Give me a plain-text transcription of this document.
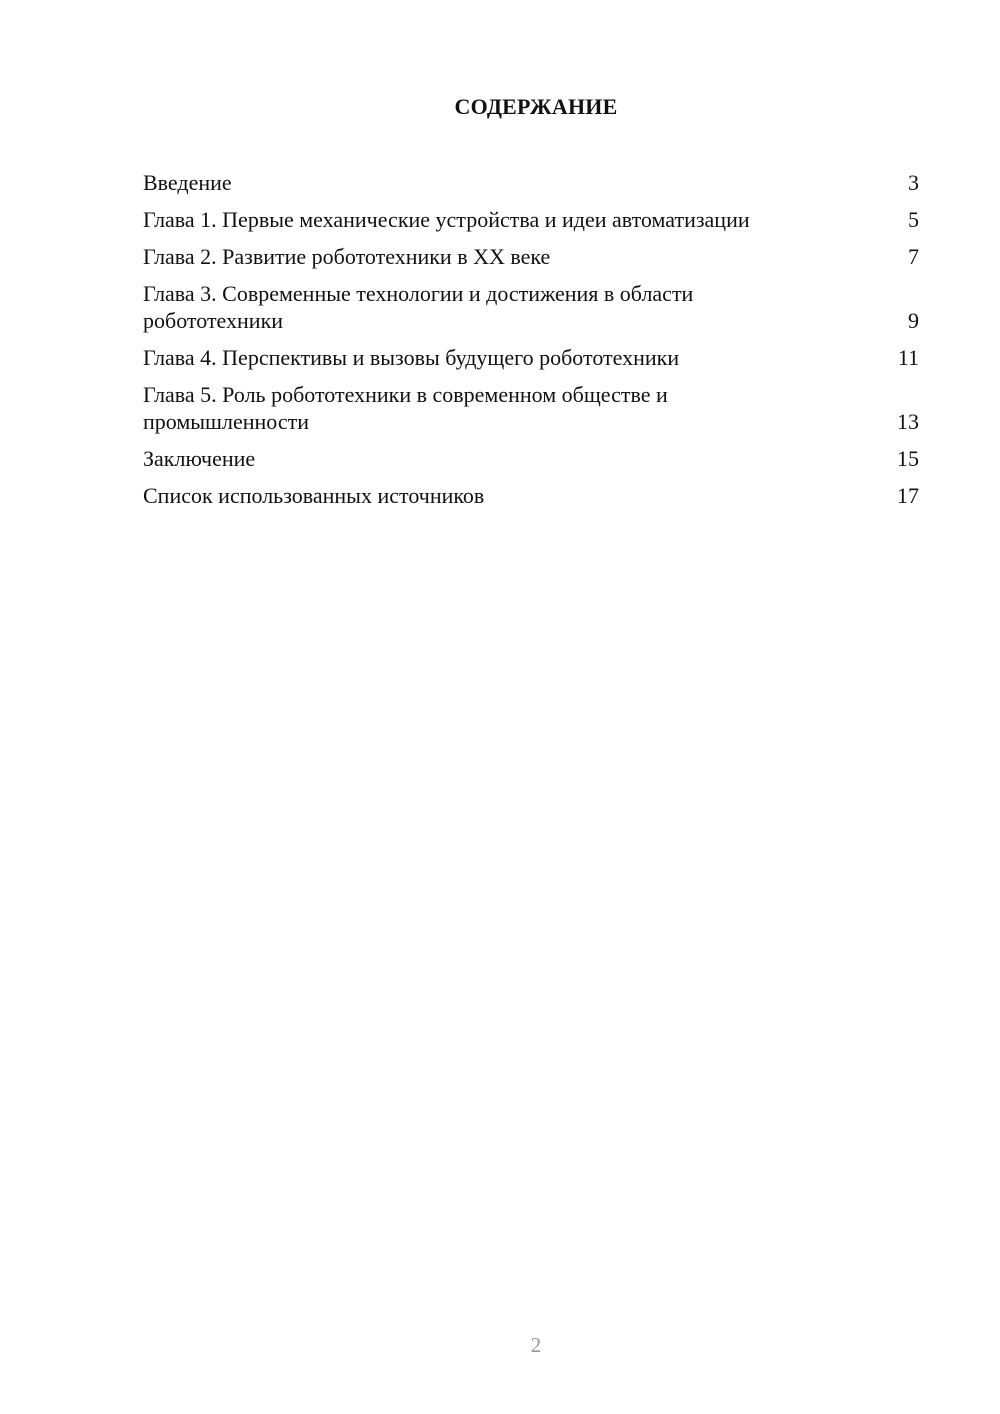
СОДЕРЖАНИЕ
Введение	3
Глава 1. Первые механические устройства и идеи автоматизации	5
Глава 2. Развитие робототехники в XX веке	7
Глава 3. Современные технологии и достижения в области робототехники	9
Глава 4. Перспективы и вызовы будущего робототехники	11
Глава 5. Роль робототехники в современном обществе и промышленности	13
Заключение	15
Список использованных источников	17
2
